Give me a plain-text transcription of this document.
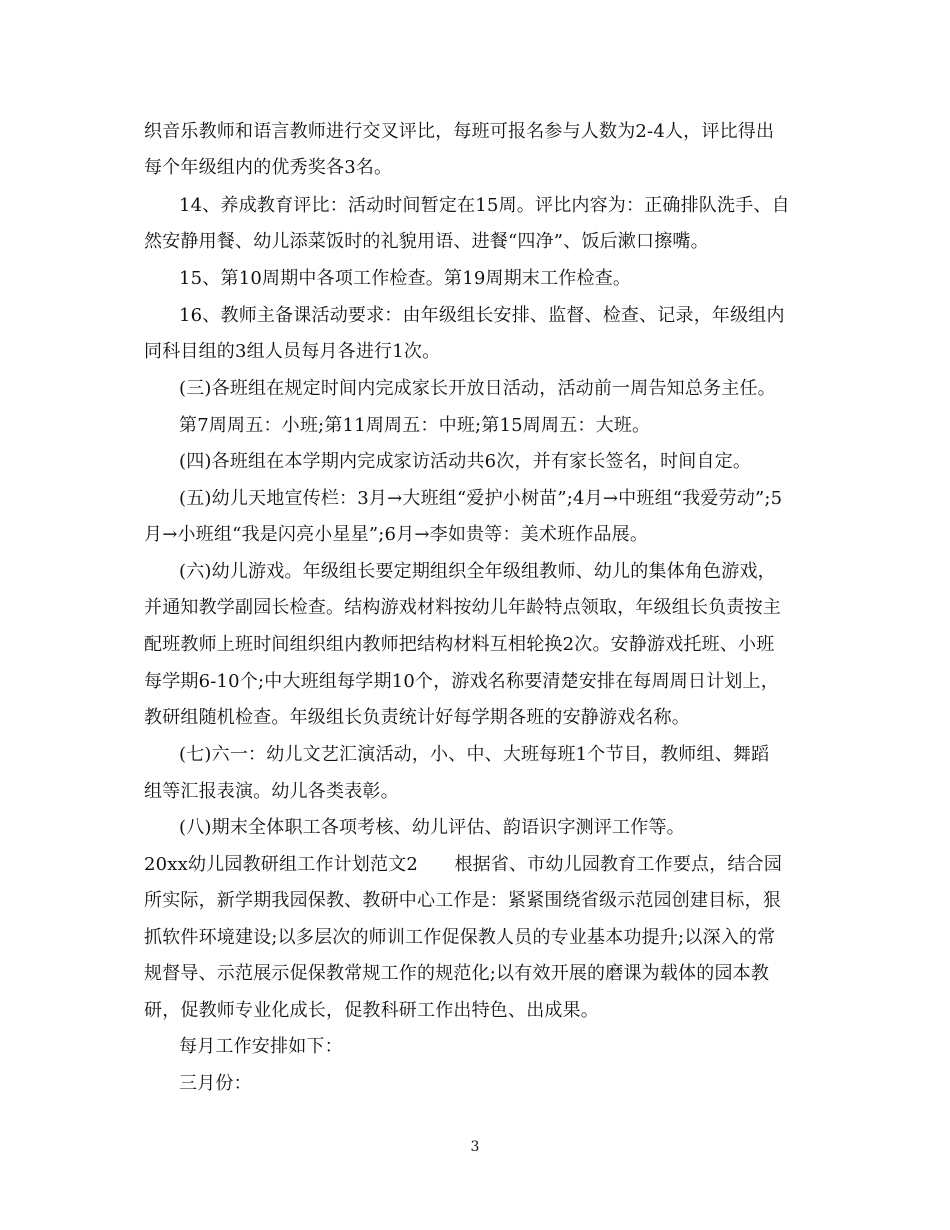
织音乐教师和语言教师进行交叉评比，每班可报名参与人数为2-4人，评比得出
每个年级组内的优秀奖各3名。
14、养成教育评比：活动时间暂定在15周。评比内容为：正确排队洗手、自
然安静用餐、幼儿添菜饭时的礼貌用语、进餐“四净”、饭后漱口擦嘴。
15、第10周期中各项工作检查。第19周期末工作检查。
16、教师主备课活动要求：由年级组长安排、监督、检查、记录，年级组内
同科目组的3组人员每月各进行1次。
(三)各班组在规定时间内完成家长开放日活动，活动前一周告知总务主任。
第7周周五：小班;第11周周五：中班;第15周周五：大班。
(四)各班组在本学期内完成家访活动共6次，并有家长签名，时间自定。
(五)幼儿天地宣传栏：3月→大班组“爱护小树苗”;4月→中班组“我爱劳动”;5
月→小班组“我是闪亮小星星”;6月→李如贵等：美术班作品展。
(六)幼儿游戏。年级组长要定期组织全年级组教师、幼儿的集体角色游戏，
并通知教学副园长检查。结构游戏材料按幼儿年龄特点领取，年级组长负责按主
配班教师上班时间组织组内教师把结构材料互相轮换2次。安静游戏托班、小班
每学期6-10个;中大班组每学期10个，游戏名称要清楚安排在每周周日计划上，
教研组随机检查。年级组长负责统计好每学期各班的安静游戏名称。
(七)六一：幼儿文艺汇演活动，小、中、大班每班1个节目，教师组、舞蹈
组等汇报表演。幼儿各类表彰。
(八)期末全体职工各项考核、幼儿评估、韵语识字测评工作等。
20xx幼儿园教研组工作计划范文2　　根据省、市幼儿园教育工作要点，结合园
所实际，新学期我园保教、教研中心工作是：紧紧围绕省级示范园创建目标，狠
抓软件环境建设;以多层次的师训工作促保教人员的专业基本功提升;以深入的常
规督导、示范展示促保教常规工作的规范化;以有效开展的磨课为载体的园本教
研，促教师专业化成长，促教科研工作出特色、出成果。
每月工作安排如下：
三月份：
3
